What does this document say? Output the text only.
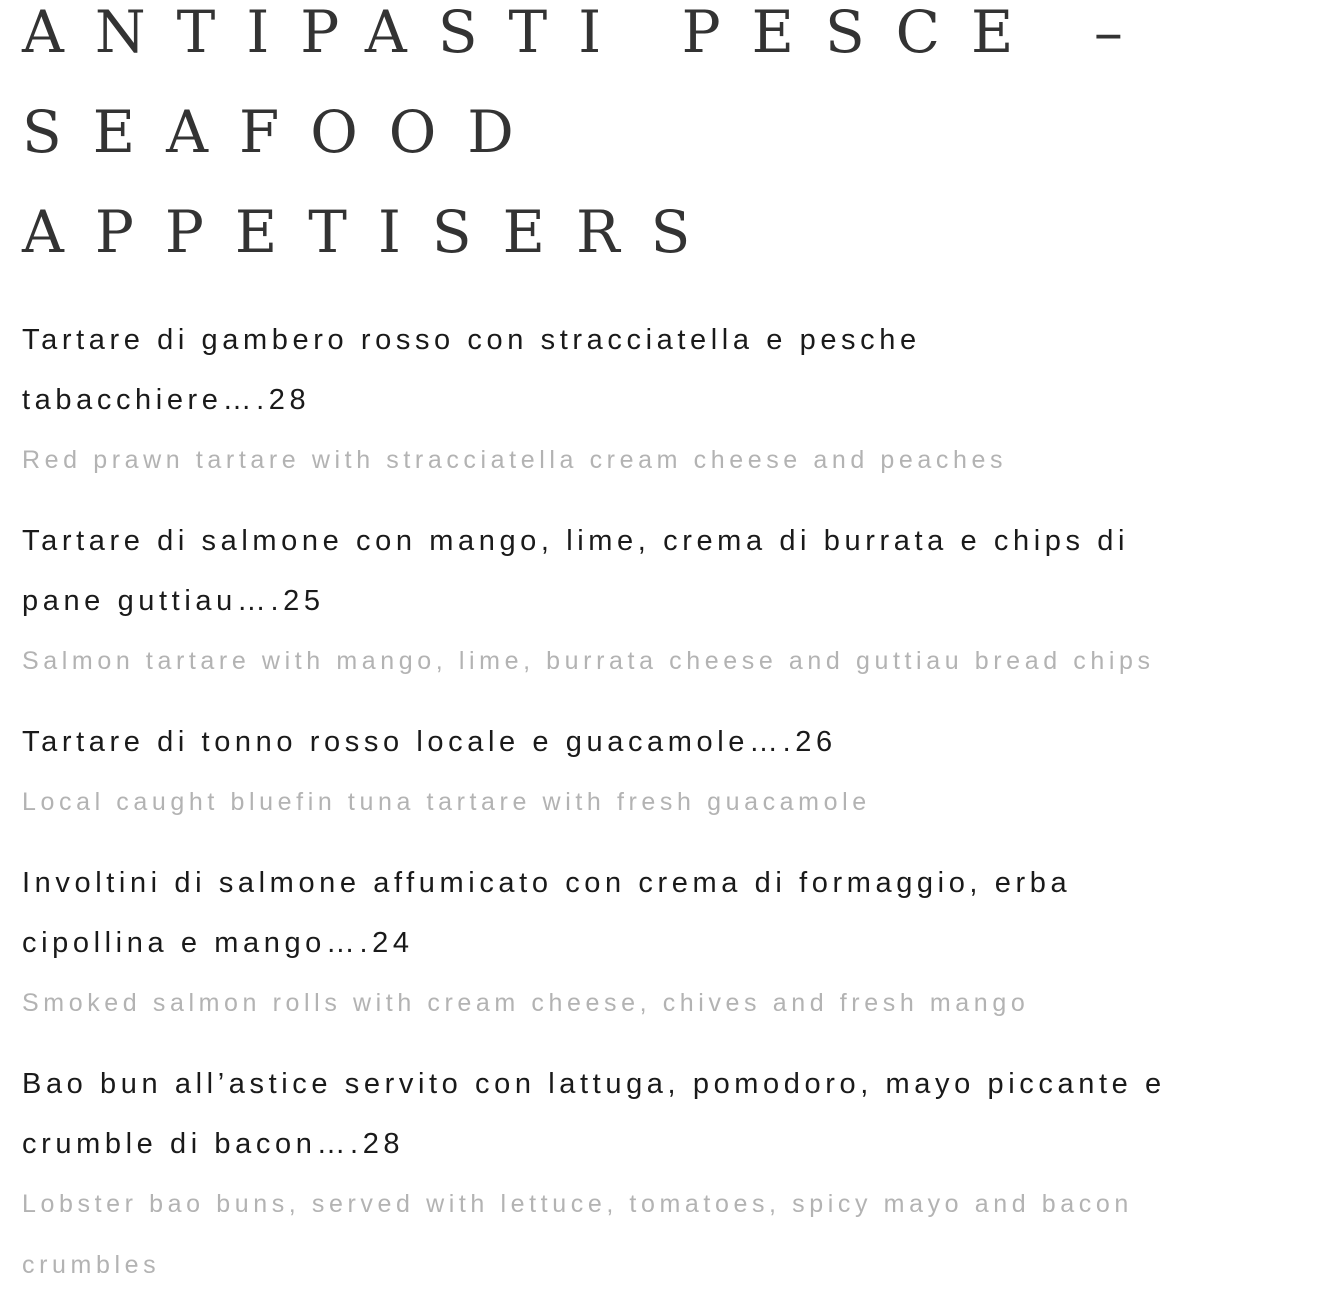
ANTIPASTI PESCE – SEAFOOD APPETISERS

Tartare di gambero rosso con stracciatella e pesche tabacchiere….28

Red prawn tartare with stracciatella cream cheese and peaches

Tartare di salmone con mango, lime, crema di burrata e chips di pane guttiau….25

Salmon tartare with mango, lime, burrata cheese and guttiau bread chips

Tartare di tonno rosso locale e guacamole….26

Local caught bluefin tuna tartare with fresh guacamole

Involtini di salmone affumicato con crema di formaggio, erba cipollina e mango….24

Smoked salmon rolls with cream cheese, chives and fresh mango

Bao bun all’astice servito con lattuga, pomodoro, mayo piccante e crumble di bacon….28

Lobster bao buns, served with lettuce, tomatoes, spicy mayo and bacon crumbles
